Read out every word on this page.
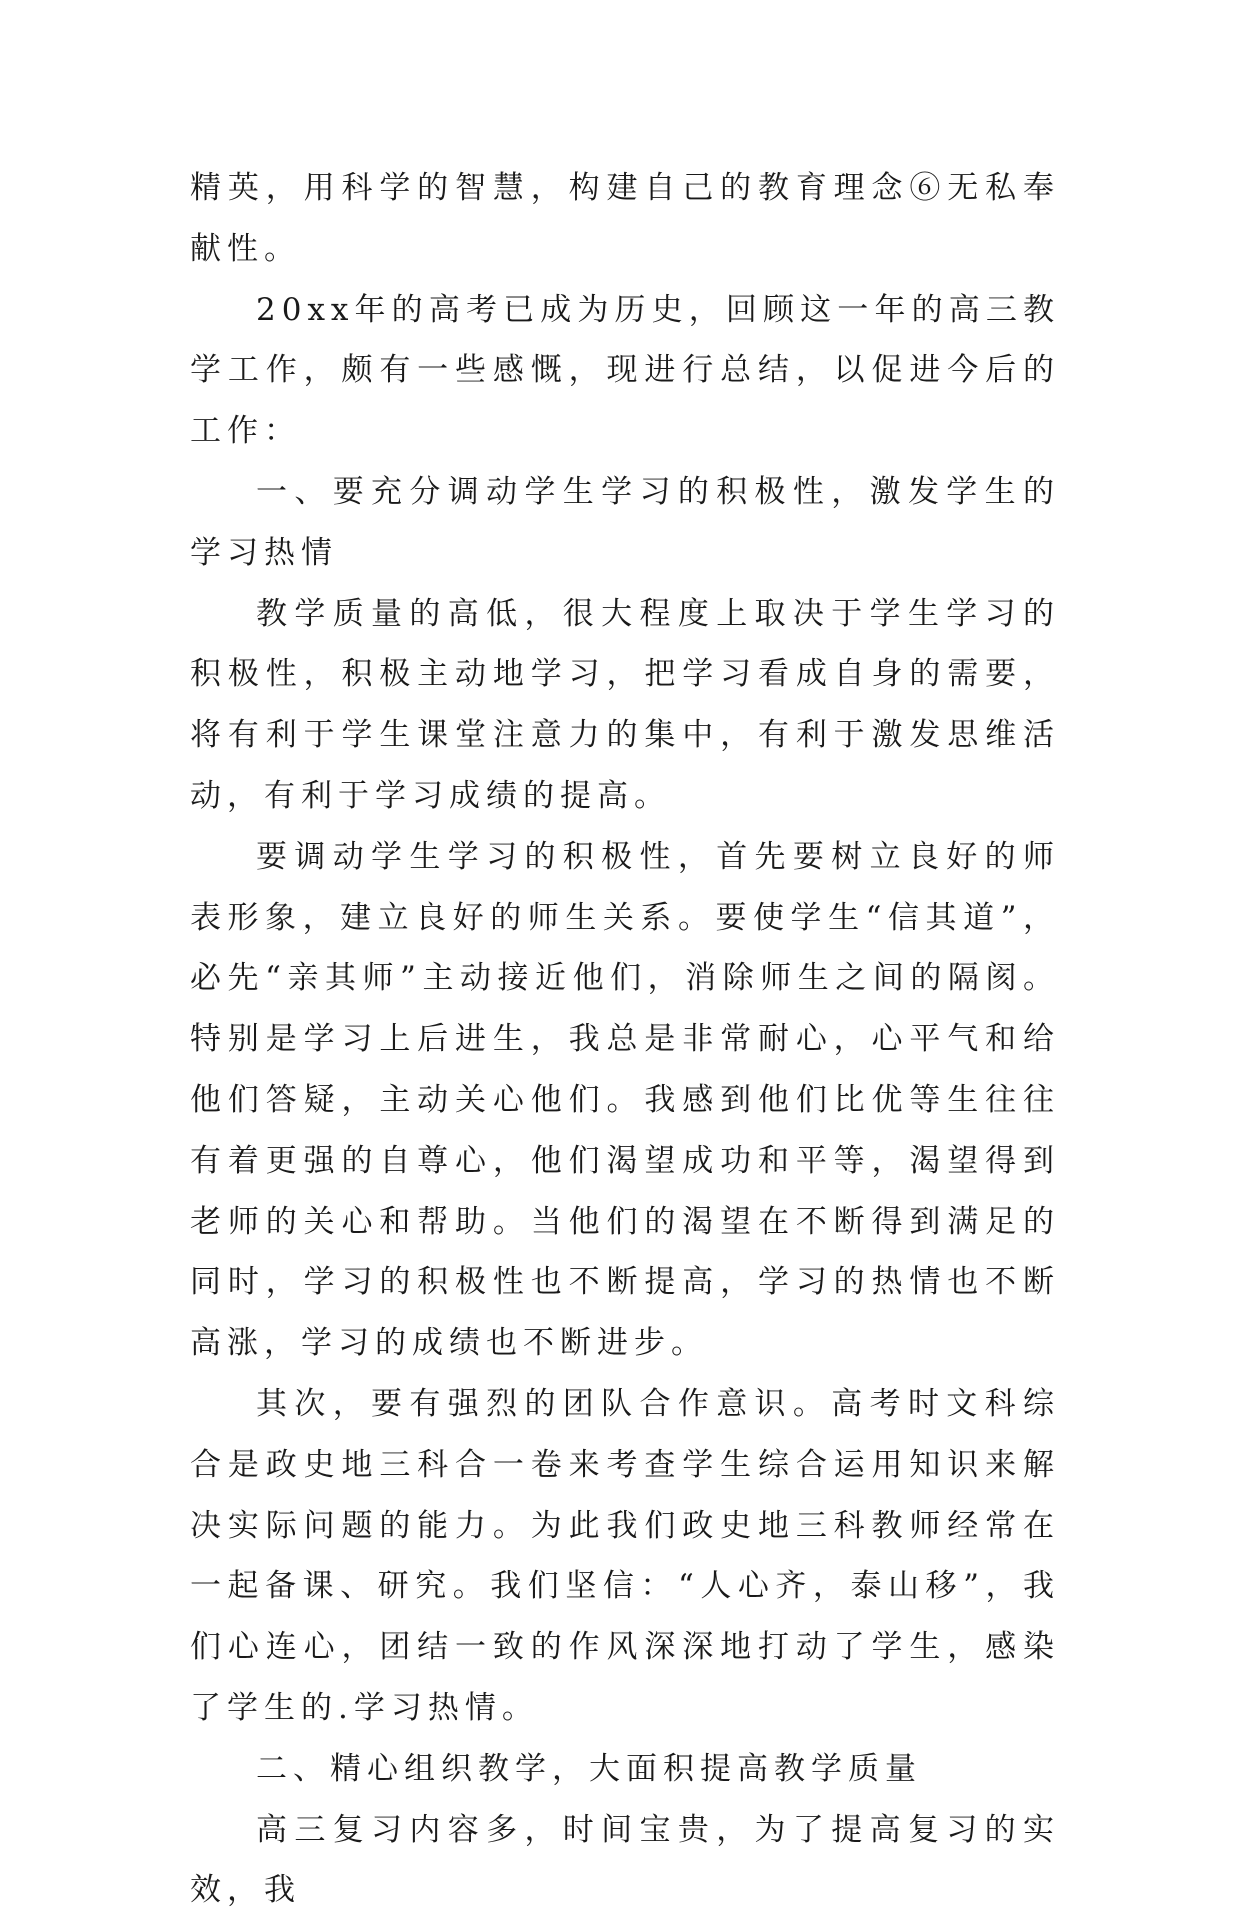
精英，用科学的智慧，构建自己的教育理念⑥无私奉献性。

20xx年的高考已成为历史，回顾这一年的高三教学工作，颇有一些感慨，现进行总结，以促进今后的工作：

一、要充分调动学生学习的积极性，激发学生的学习热情

教学质量的高低，很大程度上取决于学生学习的积极性，积极主动地学习，把学习看成自身的需要，将有利于学生课堂注意力的集中，有利于激发思维活动，有利于学习成绩的提高。

要调动学生学习的积极性，首先要树立良好的师表形象，建立良好的师生关系。要使学生“信其道”，必先“亲其师”主动接近他们，消除师生之间的隔阂。特别是学习上后进生，我总是非常耐心，心平气和给他们答疑，主动关心他们。我感到他们比优等生往往有着更强的自尊心，他们渴望成功和平等，渴望得到老师的关心和帮助。当他们的渴望在不断得到满足的同时，学习的积极性也不断提高，学习的热情也不断高涨，学习的成绩也不断进步。

其次，要有强烈的团队合作意识。高考时文科综合是政史地三科合一卷来考查学生综合运用知识来解决实际问题的能力。为此我们政史地三科教师经常在一起备课、研究。我们坚信：“人心齐，泰山移”，我们心连心，团结一致的作风深深地打动了学生，感染了学生的.学习热情。

二、精心组织教学，大面积提高教学质量

高三复习内容多，时间宝贵，为了提高复习的实效，我
